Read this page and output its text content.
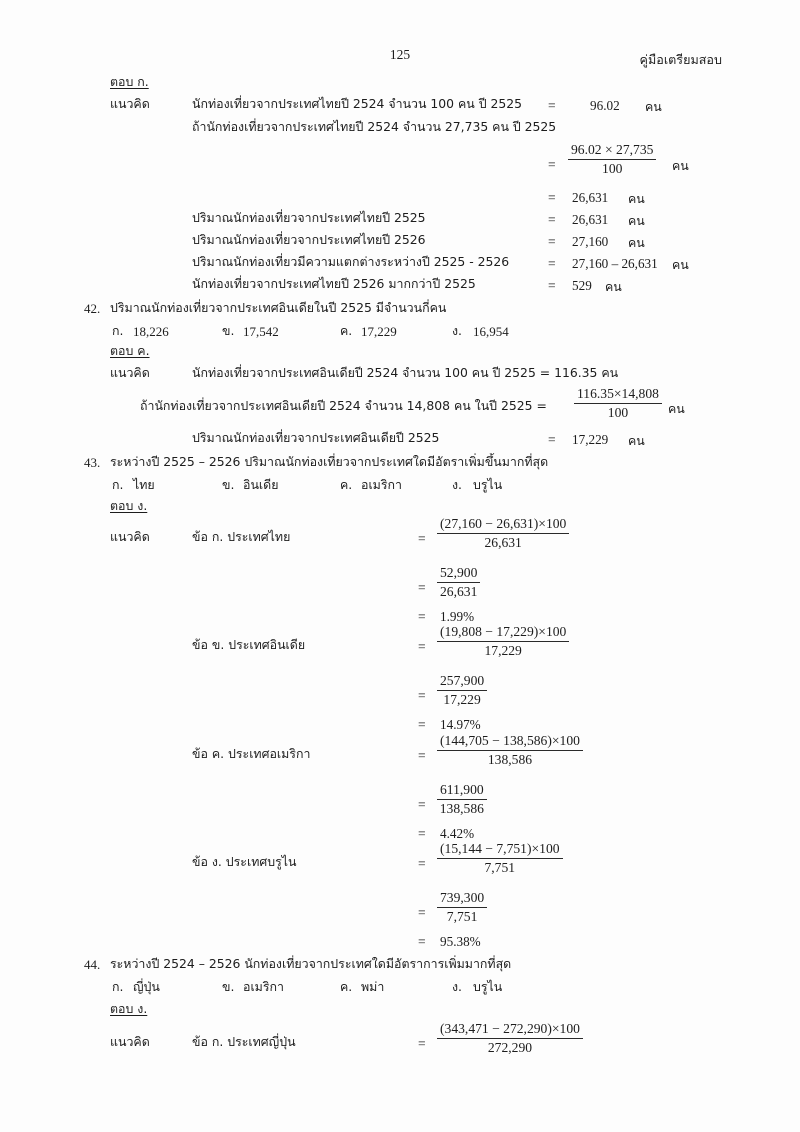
125	คู่มือเตรียมสอบ
ตอบ ก.
แนวคิด	นักท่องเที่ยวจากประเทศไทยปี 2524 จำนวน 100 คน ปี 2525 =	96.02 คน
ถ้านักท่องเที่ยวจากประเทศไทยปี 2524 จำนวน 27,735 คน ปี 2525
= $\frac{96.02 \times 27,735}{100}$ คน
= 26,631 คน
ปริมาณนักท่องเที่ยวจากประเทศไทยปี 2525	= 26,631 คน
ปริมาณนักท่องเที่ยวจากประเทศไทยปี 2526	= 27,160 คน
ปริมาณนักท่องเที่ยวมีความแตกต่างระหว่างปี 2525 - 2526	= 27,160 – 26,631 คน
นักท่องเที่ยวจากประเทศไทยปี 2526 มากกว่าปี 2525	= 529 คน
42. ปริมาณนักท่องเที่ยวจากประเทศอินเดียในปี 2525 มีจำนวนกี่คน
ก. 18,226	ข. 17,542	ค. 17,229	ง. 16,954
ตอบ ค.
แนวคิด	นักท่องเที่ยวจากประเทศอินเดียปี 2524 จำนวน 100 คน ปี 2525 = 116.35 คน
ถ้านักท่องเที่ยวจากประเทศอินเดียปี 2524 จำนวน 14,808 คน ในปี $2525 = \frac{116.35\times 14,808}{100}$ คน
ปริมาณนักท่องเที่ยวจากประเทศอินเดียปี 2525	= 17,229 คน
43. ระหว่างปี 2525 – 2526 ปริมาณนักท่องเที่ยวจากประเทศใดมีอัตราเพิ่มขึ้นมากที่สุด
ก. ไทย	ข. อินเดีย	ค. อเมริกา	ง. บรูไน
ตอบ ง.
แนวคิด	ข้อ ก. ประเทศไทย	= $\frac{(27,160 - 26,631)\times 100}{26,631}$
= $\frac{52,900}{26,631}$
= 1.99%
ข้อ ข. ประเทศอินเดีย	= $\frac{(19,808 - 17,229)\times 100}{17,229}$
= $\frac{257,900}{17,229}$
= 14.97%
ข้อ ค. ประเทศอเมริกา	= $\frac{(144,705 - 138,586)\times 100}{138,586}$
= $\frac{611,900}{138,586}$
= 4.42%
ข้อ ง. ประเทศบรูไน	= $\frac{(15,144 - 7,751)\times 100}{7,751}$
= $\frac{739,300}{7,751}$
= 95.38%
44. ระหว่างปี 2524 – 2526 นักท่องเที่ยวจากประเทศใดมีอัตราการเพิ่มมากที่สุด
ก. ญี่ปุ่น	ข. อเมริกา	ค. พม่า	ง. บรูไน
ตอบ ง.
แนวคิด	ข้อ ก. ประเทศญี่ปุ่น	= $\frac{(343,471 - 272,290)\times 100}{272,290}$
